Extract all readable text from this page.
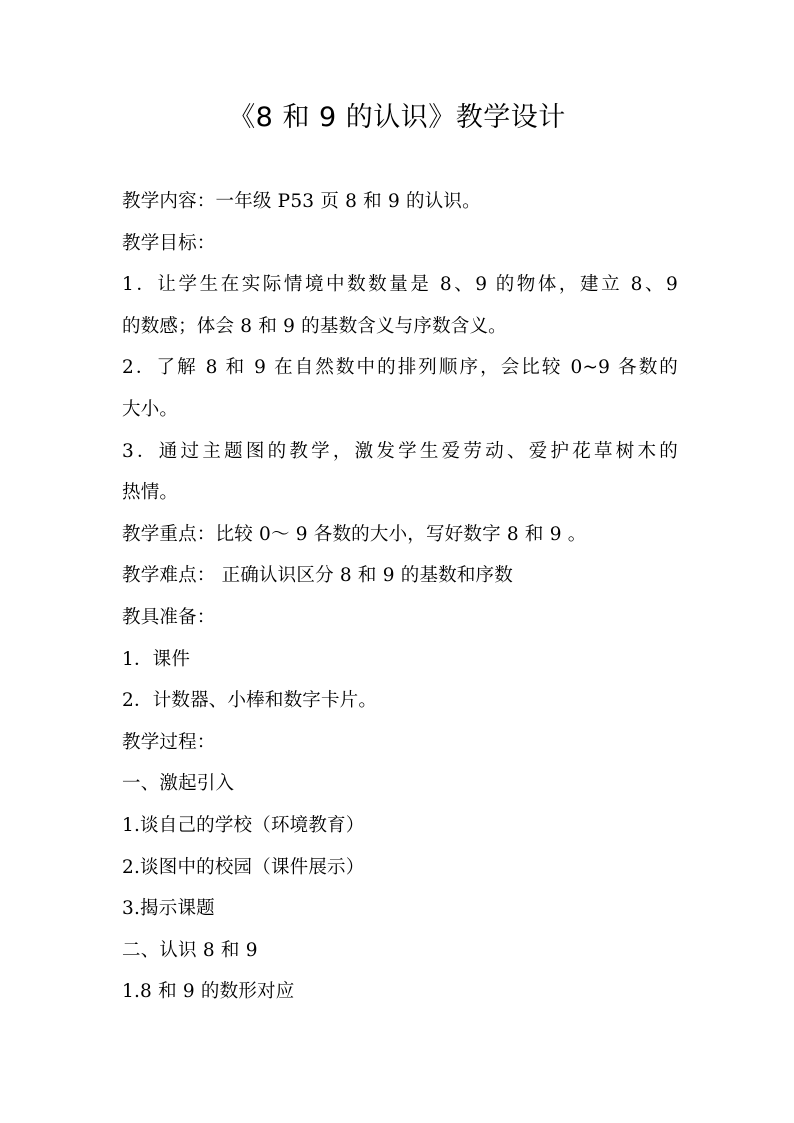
《8 和 9 的认识》教学设计

教学内容：一年级 P53 页 8 和 9 的认识。

教学目标：

1．让学生在实际情境中数数量是 8、9 的物体，建立 8、9

的数感；体会 8 和 9 的基数含义与序数含义。

2．了解 8 和 9 在自然数中的排列顺序，会比较 0~9 各数的

大小。

3．通过主题图的教学，激发学生爱劳动、爱护花草树木的

热情。

教学重点：比较 0～ 9 各数的大小，写好数字 8 和 9 。

教学难点： 正确认识区分 8 和 9 的基数和序数

教具准备：

1．课件

2．计数器、小棒和数字卡片。

教学过程：

一、激起引入

1.谈自己的学校（环境教育）

2.谈图中的校园（课件展示）

3.揭示课题

二、认识 8 和 9

1.8 和 9 的数形对应
